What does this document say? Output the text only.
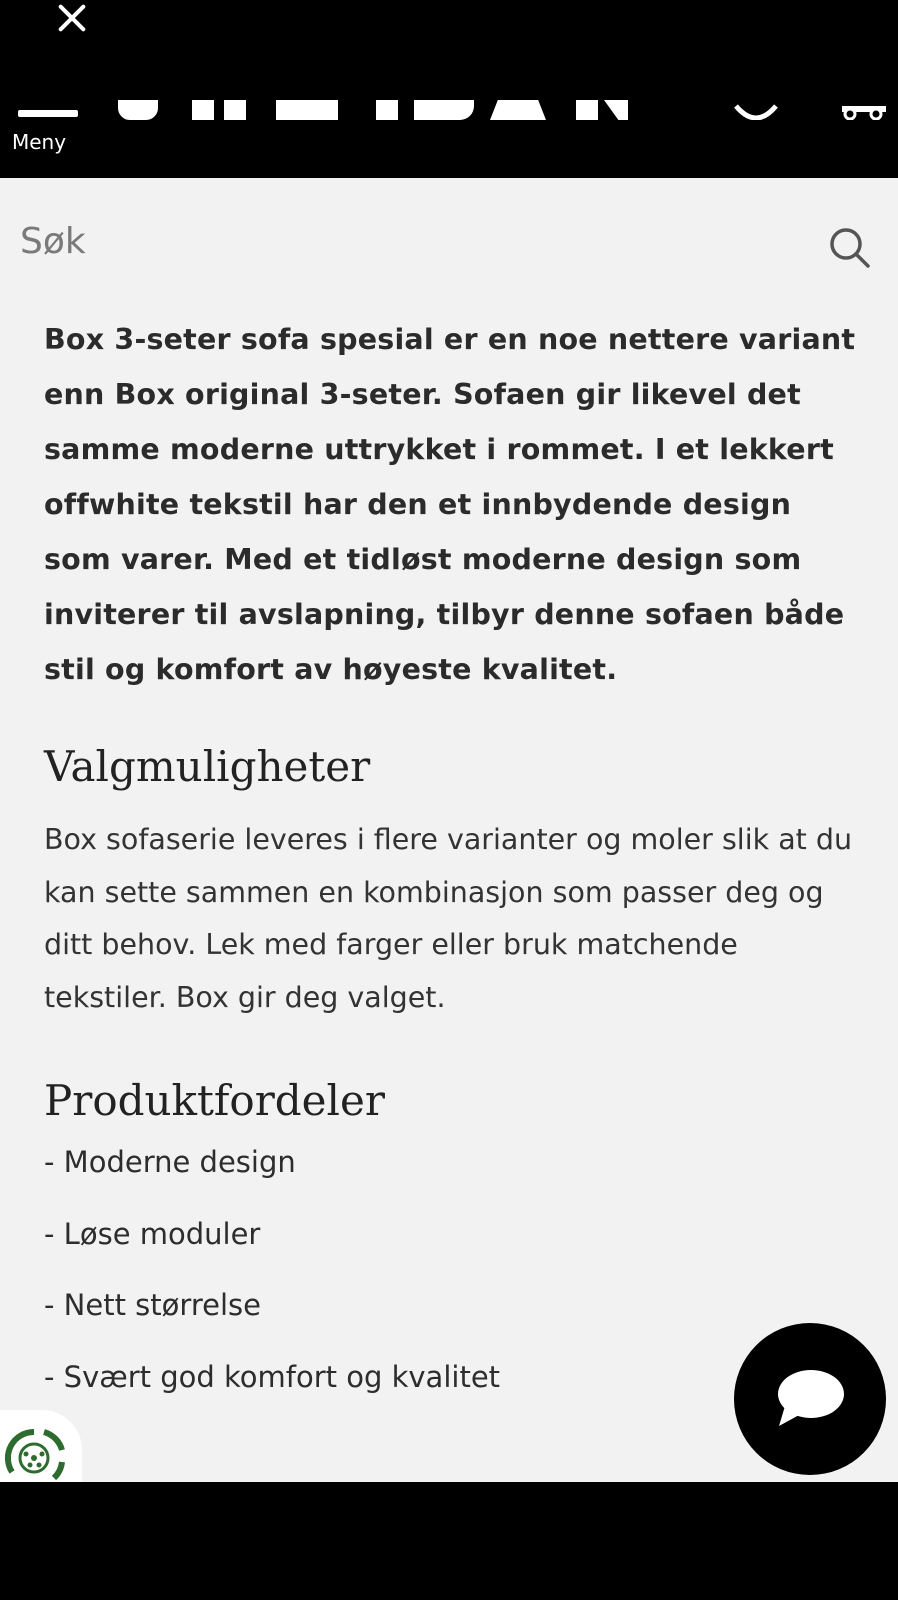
Meny
Søk

Box 3-seter sofa spesial er en noe nettere variant enn Box original 3-seter. Sofaen gir likevel det samme moderne uttrykket i rommet. I et lekkert offwhite tekstil har den et innbydende design som varer. Med et tidløst moderne design som inviterer til avslapning, tilbyr denne sofaen både stil og komfort av høyeste kvalitet.

Valgmuligheter

Box sofaserie leveres i flere varianter og moler slik at du kan sette sammen en kombinasjon som passer deg og ditt behov. Lek med farger eller bruk matchende tekstiler. Box gir deg valget.

Produktfordeler
- Moderne design
- Løse moduler
- Nett størrelse
- Svært god komfort og kvalitet
